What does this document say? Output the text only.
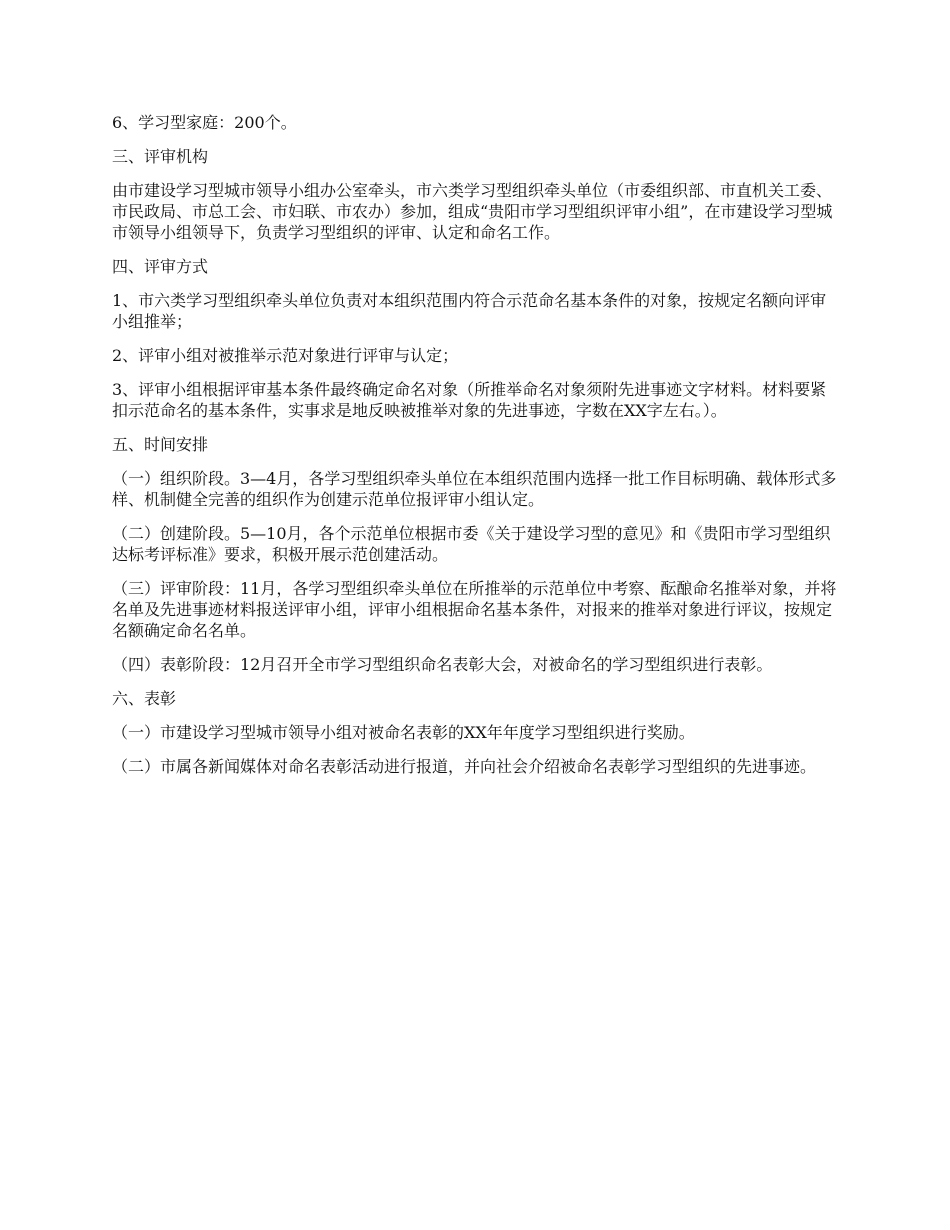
6、学习型家庭：200个。

三、评审机构

由市建设学习型城市领导小组办公室牵头，市六类学习型组织牵头单位（市委组织部、市直机关工委、市民政局、市总工会、市妇联、市农办）参加，组成“贵阳市学习型组织评审小组”，在市建设学习型城市领导小组领导下，负责学习型组织的评审、认定和命名工作。

四、评审方式

1、市六类学习型组织牵头单位负责对本组织范围内符合示范命名基本条件的对象，按规定名额向评审小组推举；

2、评审小组对被推举示范对象进行评审与认定；

3、评审小组根据评审基本条件最终确定命名对象（所推举命名对象须附先进事迹文字材料。材料要紧扣示范命名的基本条件，实事求是地反映被推举对象的先进事迹，字数在XX字左右。）。

五、时间安排

（一）组织阶段。3—4月，各学习型组织牵头单位在本组织范围内选择一批工作目标明确、载体形式多样、机制健全完善的组织作为创建示范单位报评审小组认定。

（二）创建阶段。5—10月，各个示范单位根据市委《关于建设学习型的意见》和《贵阳市学习型组织达标考评标准》要求，积极开展示范创建活动。

（三）评审阶段：11月，各学习型组织牵头单位在所推举的示范单位中考察、酝酿命名推举对象，并将名单及先进事迹材料报送评审小组，评审小组根据命名基本条件，对报来的推举对象进行评议，按规定名额确定命名名单。

（四）表彰阶段：12月召开全市学习型组织命名表彰大会，对被命名的学习型组织进行表彰。

六、表彰

（一）市建设学习型城市领导小组对被命名表彰的XX年年度学习型组织进行奖励。

（二）市属各新闻媒体对命名表彰活动进行报道，并向社会介绍被命名表彰学习型组织的先进事迹。
